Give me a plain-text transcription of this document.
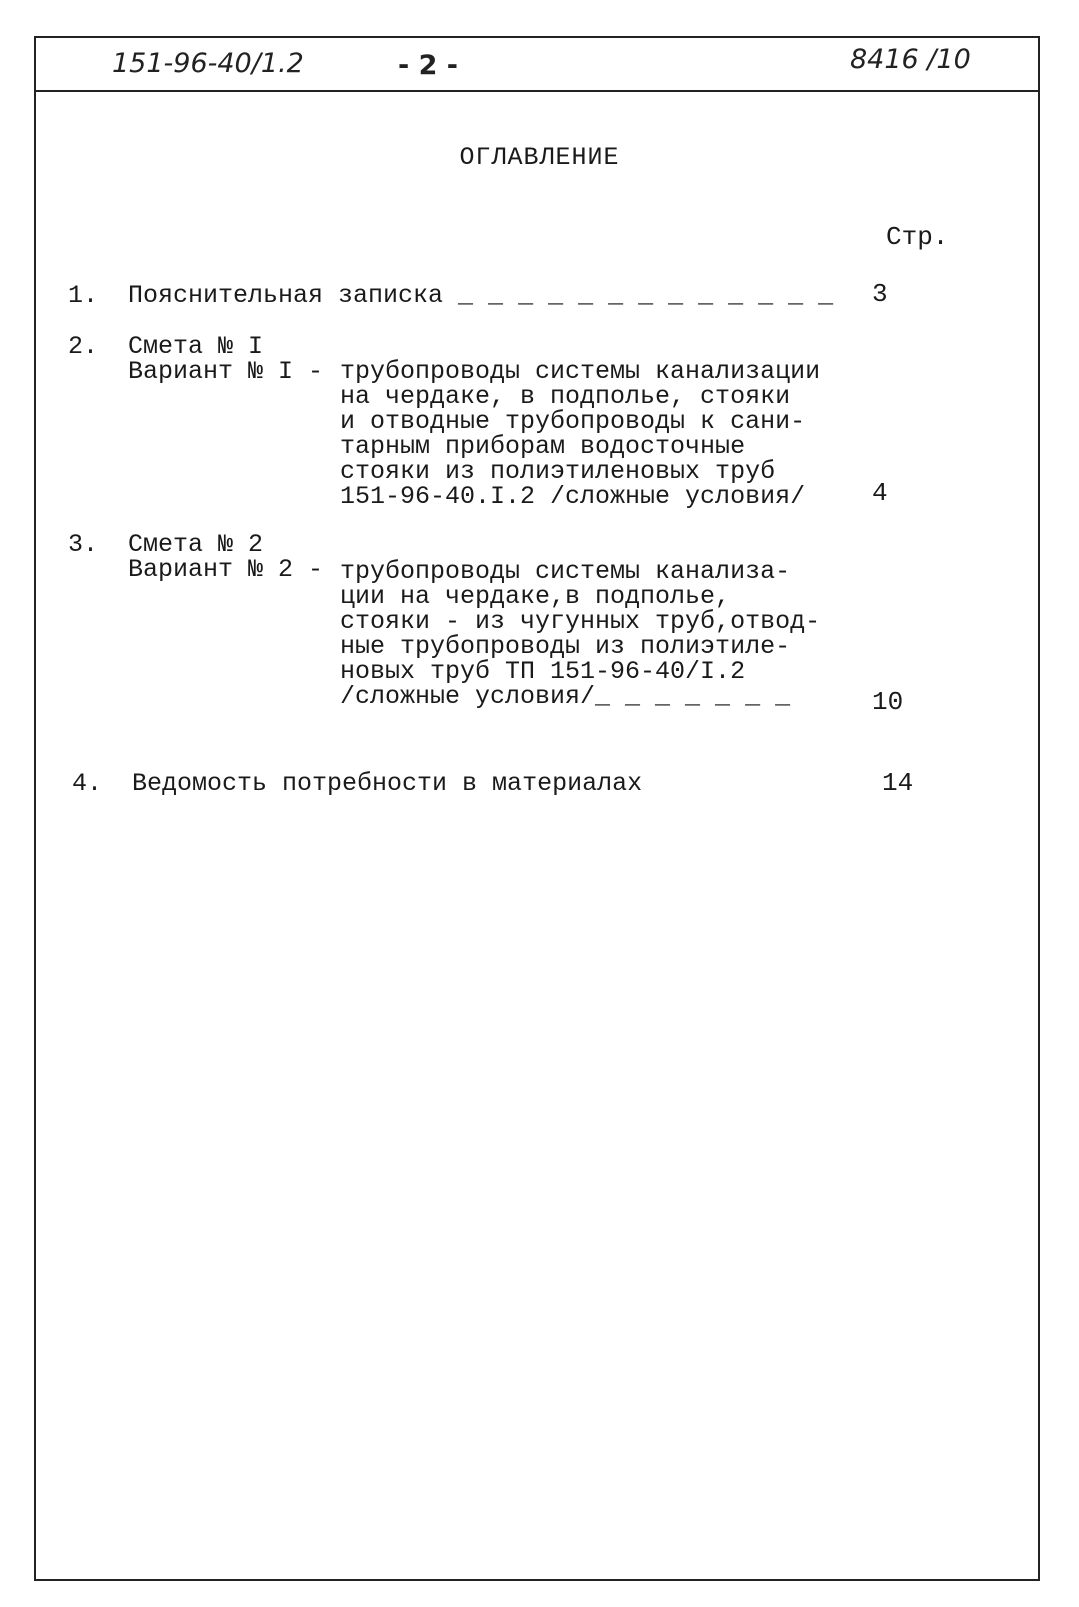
151-96-40/1.2	- 2 -	8416 /10
ОГЛАВЛЕНИЕ
Стр.
1. Пояснительная записка _ _ _ _ _ _ _ _ _ _ _ _ _ 3
2. Смета № I
Вариант № I - трубопроводы системы канализации
на чердаке, в подполье, стояки
и отводные трубопроводы к сани-
тарным приборам водосточные
стояки из полиэтиленовых труб
151-96-40.I.2 /сложные условия/	4
3. Смета № 2
Вариант № 2 - трубопроводы системы канализа-
ции на чердаке,в подполье,
стояки - из чугунных труб,отвод-
ные трубопроводы из полиэтиле-
новых труб ТП 151-96-40/I.2
/сложные условия/_ _ _ _ _ _ _	10
4. Ведомость потребности в материалах	14
